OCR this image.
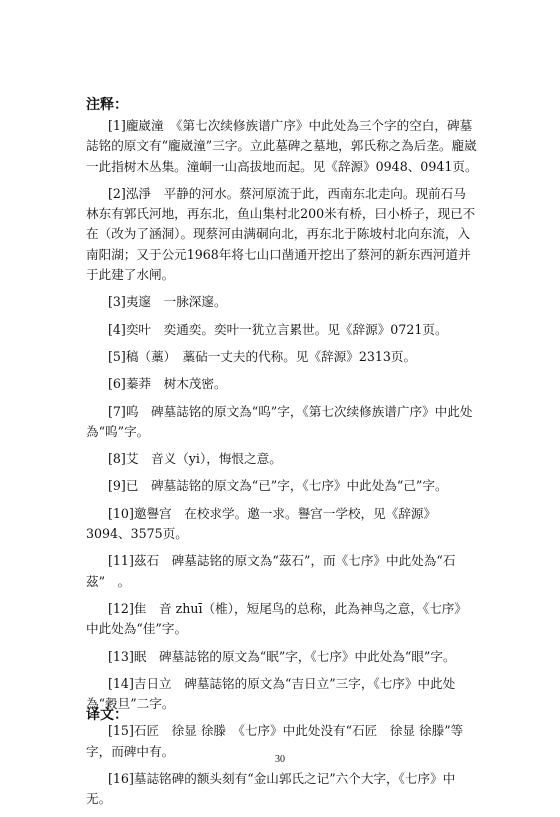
注释：

[1]龐崴潼　《第七次续修族谱广序》中此处為三个字的空白，碑墓誌铭的原文有“龐崴潼”三字。立此墓碑之墓地，郭氏称之為后垄。龐崴一此指树木丛集。潼峒一山高拔地而起。见《辞源》0948、0941页。

[2]泓淨　平静的河水。蔡河原流于此，西南东北走向。现前石马林东有郭氏河地，再东北，鱼山集村北200米有桥，曰小桥子，现已不在（改为了涵洞）。现蔡河由满硐向北，再东北于陈坡村北向东流，入南阳湖；又于公元1968年将七山口凿通开挖出了蔡河的新东西河道并于此建了水闸。

[3]夷邃　一脉深邃。

[4]奕叶　奕通奕。奕叶一犹立言累世。见《辞源》0721页。

[5]稿（藁）　藁砧一丈夫的代称。见《辞源》2313页。

[6]蓁莽　树木茂密。

[7]呜　碑墓誌铭的原文為“呜”字，《第七次续修族谱广序》中此处為“呜”字。

[8]艾　音义（yi），悔恨之意。

[9]已　碑墓誌铭的原文為“已”字，《七序》中此处為“己”字。

[10]邀譽宫　在校求学。邀一求。譽宫一学校，见《辞源》3094、3575页。

[11]茲石　碑墓誌铭的原文為“茲石”，而《七序》中此处為“石茲”　。

[12]隹　音 zhuī（椎），短尾鸟的总称，此為神鸟之意，《七序》中此处為“佳”字。

[13]眠　碑墓誌铭的原文為“眠”字，《七序》中此处為“眼”字。

[14]吉日立　碑墓誌铭的原文為“吉日立”三字，《七序》中此处為“穀旦”二字。

[15]石匠　徐显 徐滕　《七序》中此处没有“石匠　徐显 徐滕”等字，而碑中有。

[16]墓誌铭碑的额头刻有“金山郭氏之记”六个大字，《七序》中无。

译文：
30
